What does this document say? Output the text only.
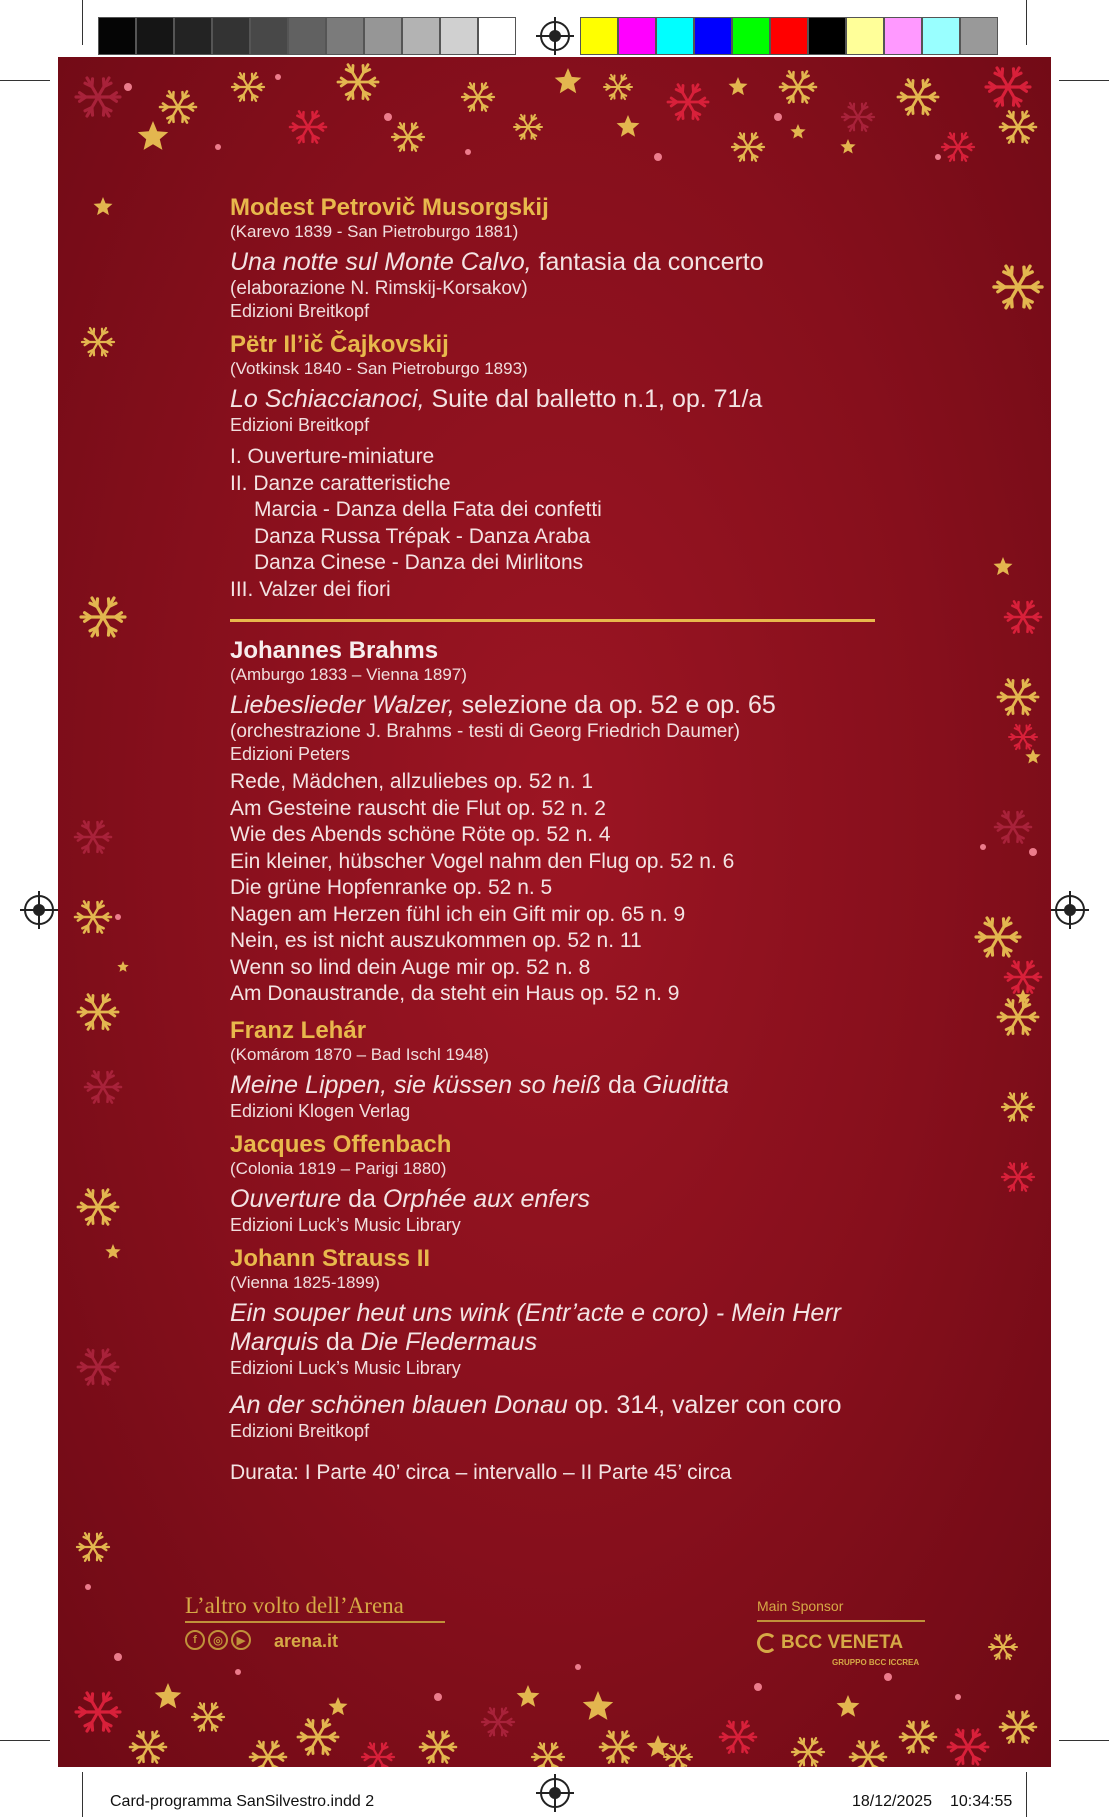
Modest Petrovič Musorgskij
(Karevo 1839 - San Pietroburgo 1881)
Una notte sul Monte Calvo, fantasia da concerto
(elaborazione N. Rimskij-Korsakov)
Edizioni Breitkopf
Pëtr Il’ič Čajkovskij
(Votkinsk 1840 - San Pietroburgo 1893)
Lo Schiaccianoci, Suite dal balletto n.1, op. 71/a
Edizioni Breitkopf
I. Ouverture-miniature
II. Danze caratteristiche
Marcia - Danza della Fata dei confetti
Danza Russa Trépak - Danza Araba
Danza Cinese - Danza dei Mirlitons
III. Valzer dei fiori
Johannes Brahms
(Amburgo 1833 – Vienna 1897)
Liebeslieder Walzer, selezione da op. 52 e op. 65
(orchestrazione J. Brahms - testi di Georg Friedrich Daumer)
Edizioni Peters
Rede, Mädchen, allzuliebes op. 52 n. 1
Am Gesteine rauscht die Flut op. 52 n. 2
Wie des Abends schöne Röte op. 52 n. 4
Ein kleiner, hübscher Vogel nahm den Flug op. 52 n. 6
Die grüne Hopfenranke op. 52 n. 5
Nagen am Herzen fühl ich ein Gift mir op. 65 n. 9
Nein, es ist nicht auszukommen op. 52 n. 11
Wenn so lind dein Auge mir op. 52 n. 8
Am Donaustrande, da steht ein Haus op. 52 n. 9
Franz Lehár
(Komárom 1870 – Bad Ischl 1948)
Meine Lippen, sie küssen so heiß da Giuditta
Edizioni Klogen Verlag
Jacques Offenbach
(Colonia 1819 – Parigi 1880)
Ouverture da Orphée aux enfers
Edizioni Luck’s Music Library
Johann Strauss II
(Vienna 1825-1899)
Ein souper heut uns wink (Entr’acte e coro) - Mein Herr Marquis da Die Fledermaus
Edizioni Luck’s Music Library
An der schönen blauen Donau op. 314, valzer con coro
Edizioni Breitkopf
Durata: I Parte 40’ circa – intervallo – II Parte 45’ circa
L’altro volto dell’Arena
f	◎	▶	arena.it
Main Sponsor
BCC VENETA
GRUPPO BCC ICCREA
Card-programma SanSilvestro.indd 2	18/12/2025 10:34:55
